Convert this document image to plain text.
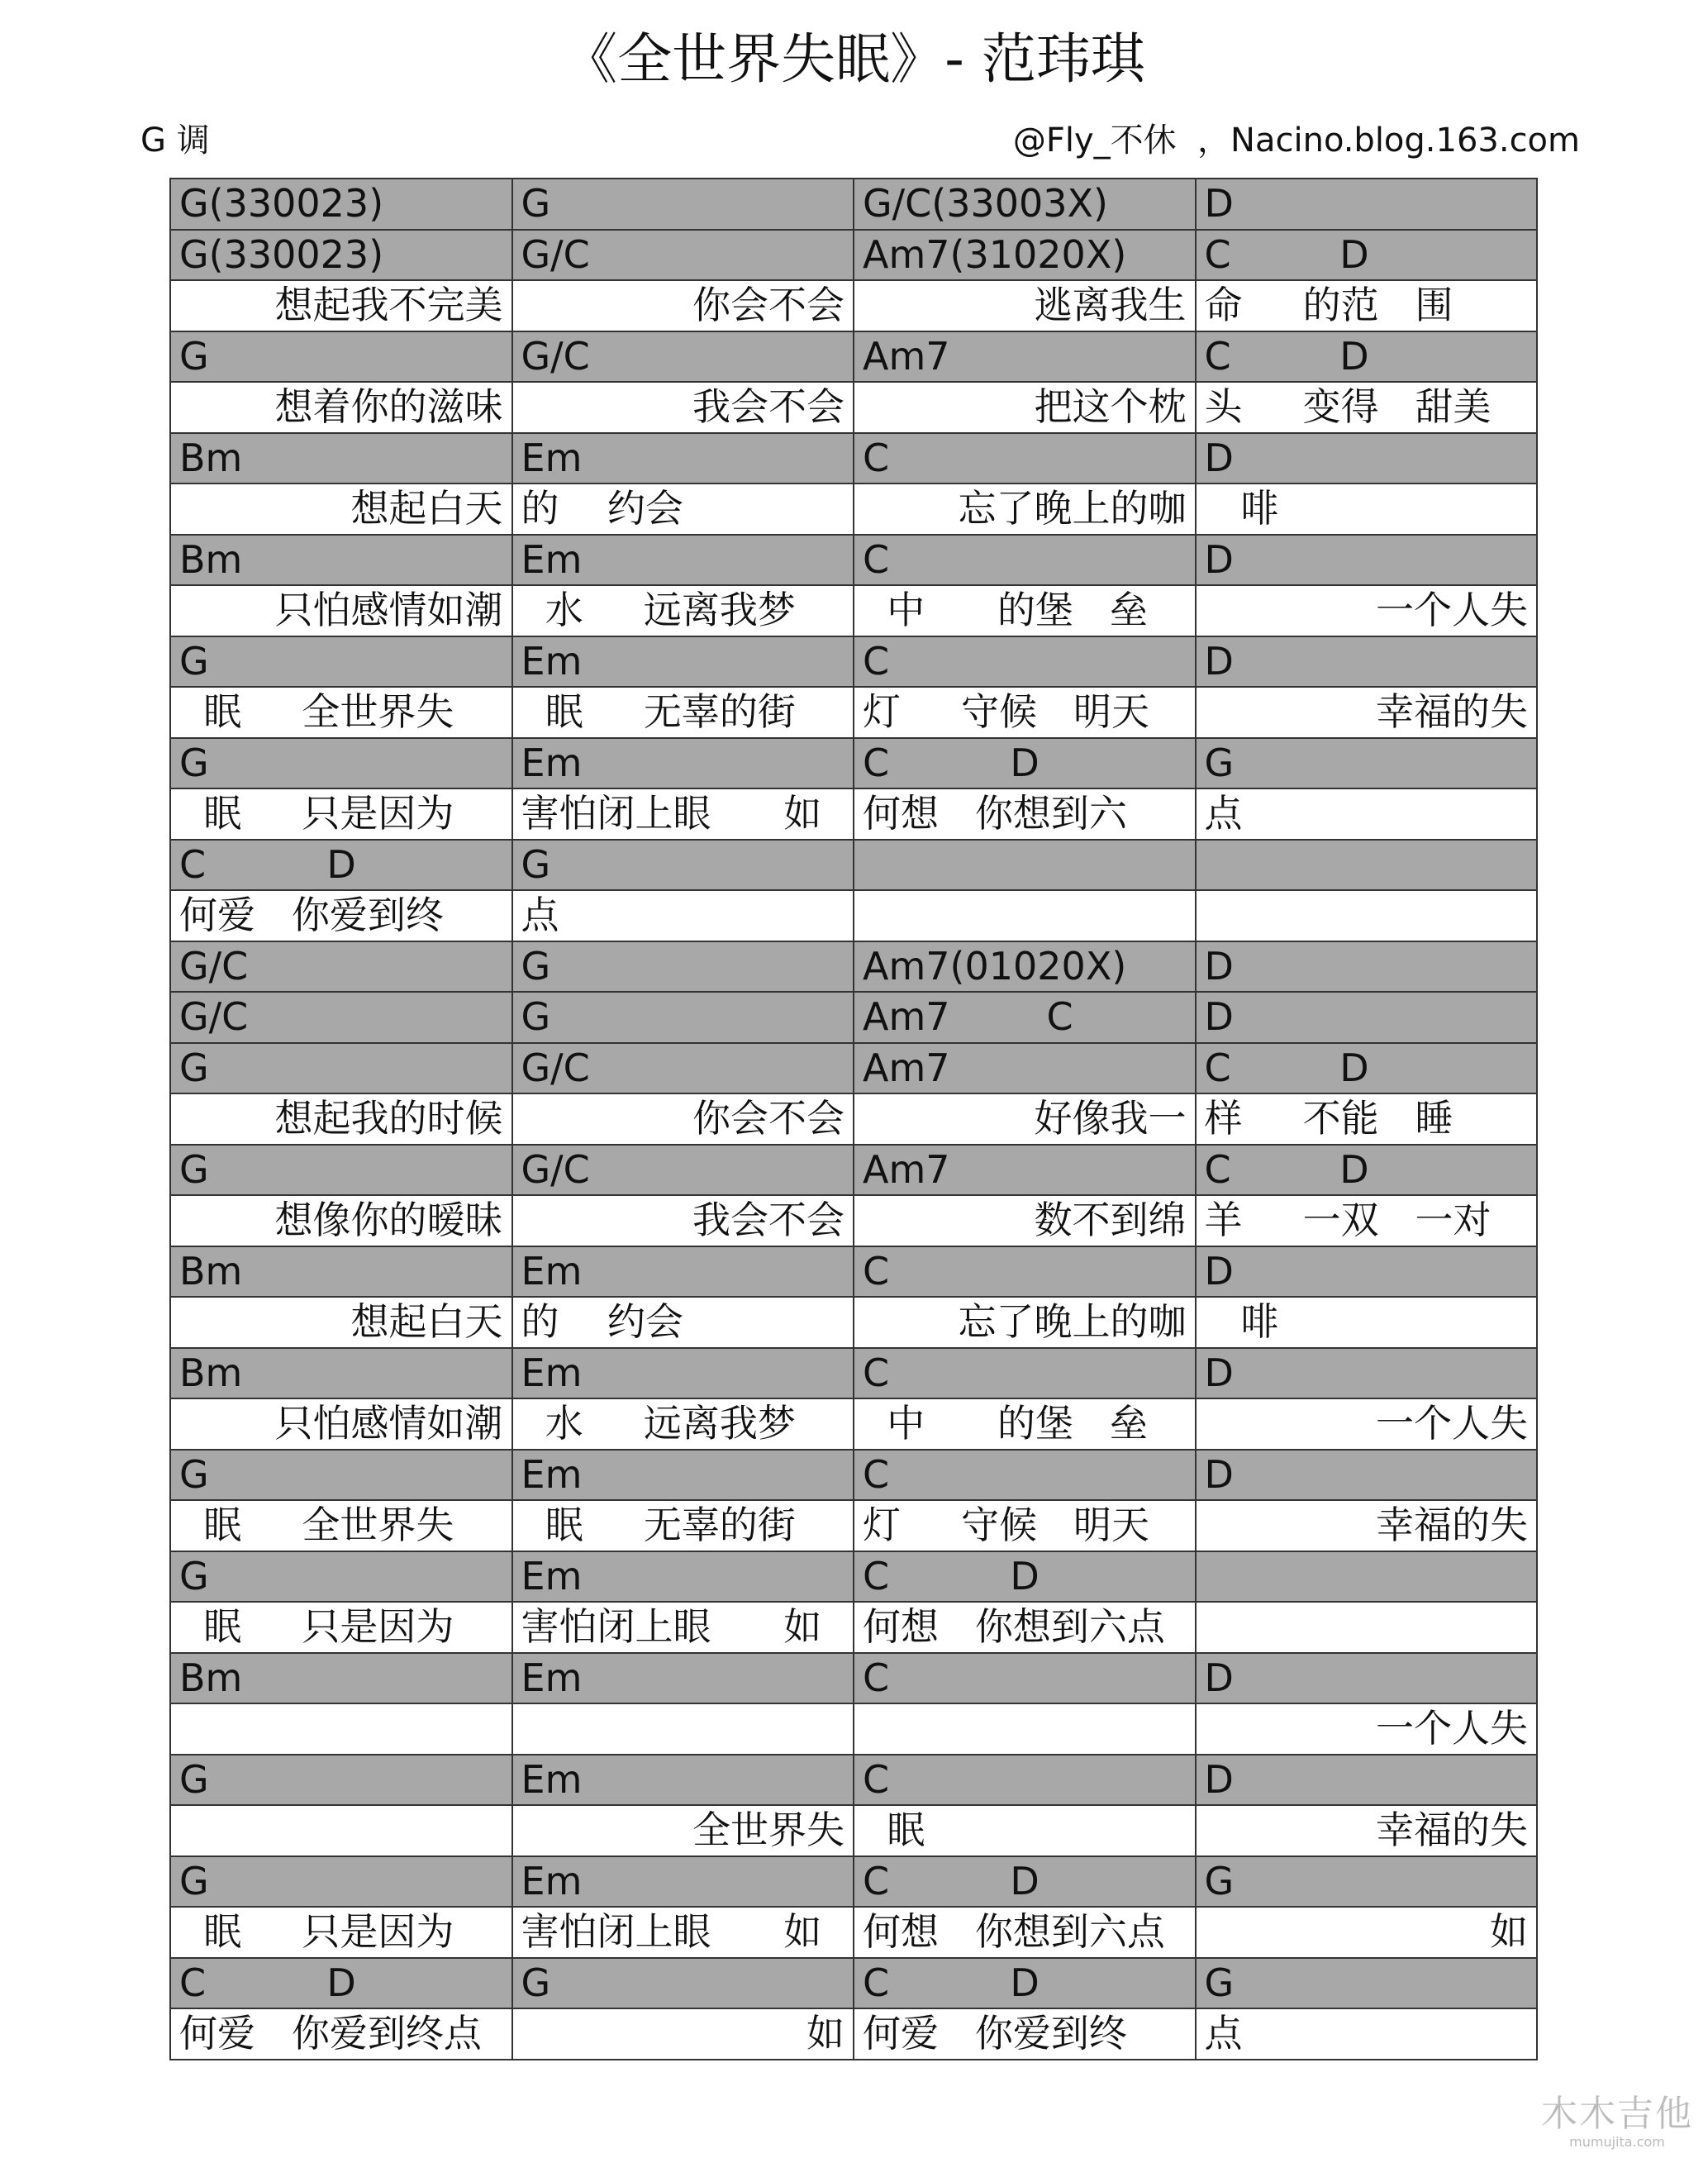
《全世界失眠》- 范玮琪
G 调	@Fly_不休  ，Nacino.blog.163.com
G(330023)	G	G/C(33003X)	D
G(330023)	G/C	Am7(31020X)	C         D
想起我不完美	你会不会	逃离我生	命     的范   围
G	G/C	Am7	C         D
想着你的滋味	我会不会	把这个枕	头     变得   甜美
Bm	Em	C	D
想起白天	的    约会	忘了晚上的咖	啡
Bm	Em	C	D
只怕感情如潮	水     远离我梦	中      的堡   垒	一个人失
G	Em	C	D
眠     全世界失	眠     无辜的街	灯     守候   明天	幸福的失
G	Em	C          D	G
眠     只是因为	害怕闭上眼      如	何想   你想到六	点
C          D	G		
何爱   你爱到终	点		
G/C	G	Am7(01020X)	D
G/C	G	Am7        C	D
G	G/C	Am7	C         D
想起我的时候	你会不会	好像我一	样     不能   睡
G	G/C	Am7	C         D
想像你的暧昧	我会不会	数不到绵	羊     一双   一对
Bm	Em	C	D
想起白天	的    约会	忘了晚上的咖	啡
Bm	Em	C	D
只怕感情如潮	水     远离我梦	中      的堡   垒	一个人失
G	Em	C	D
眠     全世界失	眠     无辜的街	灯     守候   明天	幸福的失
G	Em	C          D	
眠     只是因为	害怕闭上眼      如	何想   你想到六点	
Bm	Em	C	D
			一个人失
G	Em	C	D
	全世界失	眠	幸福的失
G	Em	C          D	G
眠     只是因为	害怕闭上眼      如	何想   你想到六点	如
C          D	G	C          D	G
何爱   你爱到终点	如	何爱   你爱到终	点
木木吉他
mumujita.com
